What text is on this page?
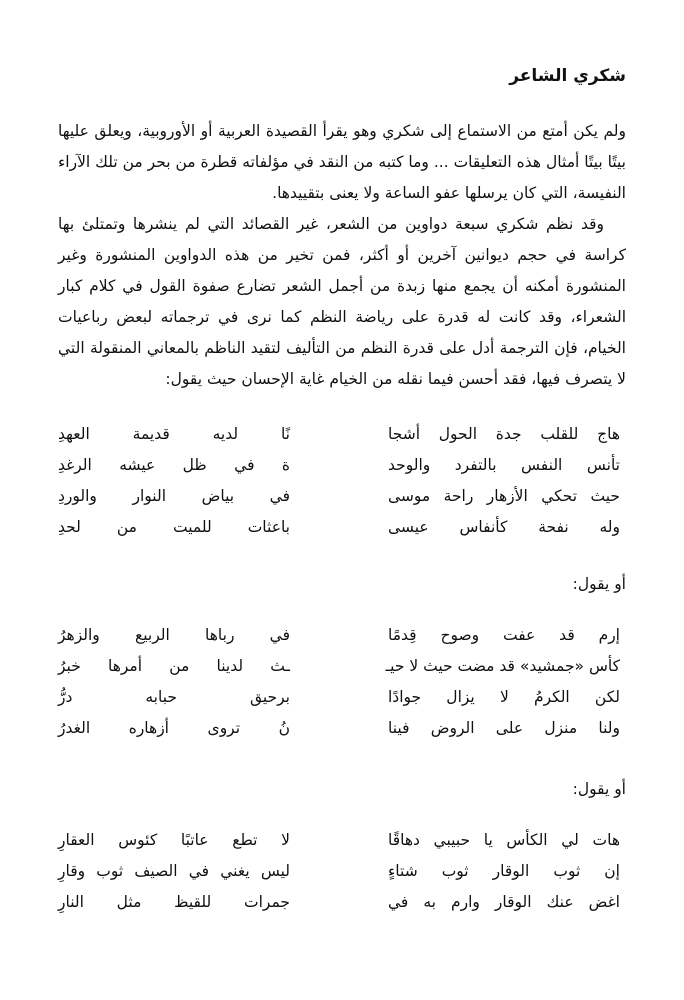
شكري الشاعر

ولم يكن أمتع من الاستماع إلى شكري وهو يقرأ القصيدة العربية أو الأوروبية، ويعلق عليها بيتًا بيتًا أمثال هذه التعليقات ... وما كتبه من النقد في مؤلفاته قطرة من بحر من تلك الآراء النفيسة، التي كان يرسلها عفو الساعة ولا يعنى بتقييدها.

وقد نظم شكري سبعة دواوين من الشعر، غير القصائد التي لم ينشرها وتمتلئ بها كراسة في حجم ديوانين آخرين أو أكثر، فمن تخير من هذه الدواوين المنشورة وغير المنشورة أمكنه أن يجمع منها زبدة من أجمل الشعر تضارع صفوة القول في كلام كبار الشعراء، وقد كانت له قدرة على رياضة النظم كما نرى في ترجماته لبعض رباعيات الخيام، فإن الترجمة أدل على قدرة النظم من التأليف لتقيد الناظم بالمعاني المنقولة التي لا يتصرف فيها، فقد أحسن فيما نقله من الخيام غاية الإحسان حيث يقول:

هاج للقلب جدة الحول أشجا
نًا لديه قديمة العهدِ
تأنس النفس بالتفرد والوحد
ة في ظل عيشه الرغدِ
حيث تحكي الأزهار راحة موسى
في بياض النوار والوردِ
وله نفحة كأنفاس عيسى
باعثات للميت من لحدِ

أو يقول:

إرم قد عفت وصوح قِدمًا
في رباها الربيع والزهرُ
كأس «جمشيد» قد مضت حيث لا حيـ
ـث لدينا من أمرها خبرُ
لكن الكرمُ لا يزال جوادًا
برحيق حبابه درُّ
ولنا منزل على الروض فينا
نُ تروى أزهاره الغدرُ

أو يقول:

هات لي الكأس يا حبيبي دهاقًا
لا تطع عاتبًا كئوس العقارِ
إن ثوب الوقار ثوب شتاءٍ
ليس يغني في الصيف ثوب وقارِ
اغض عنك الوقار وارم به في
جمرات للقيظ مثل النارِ
